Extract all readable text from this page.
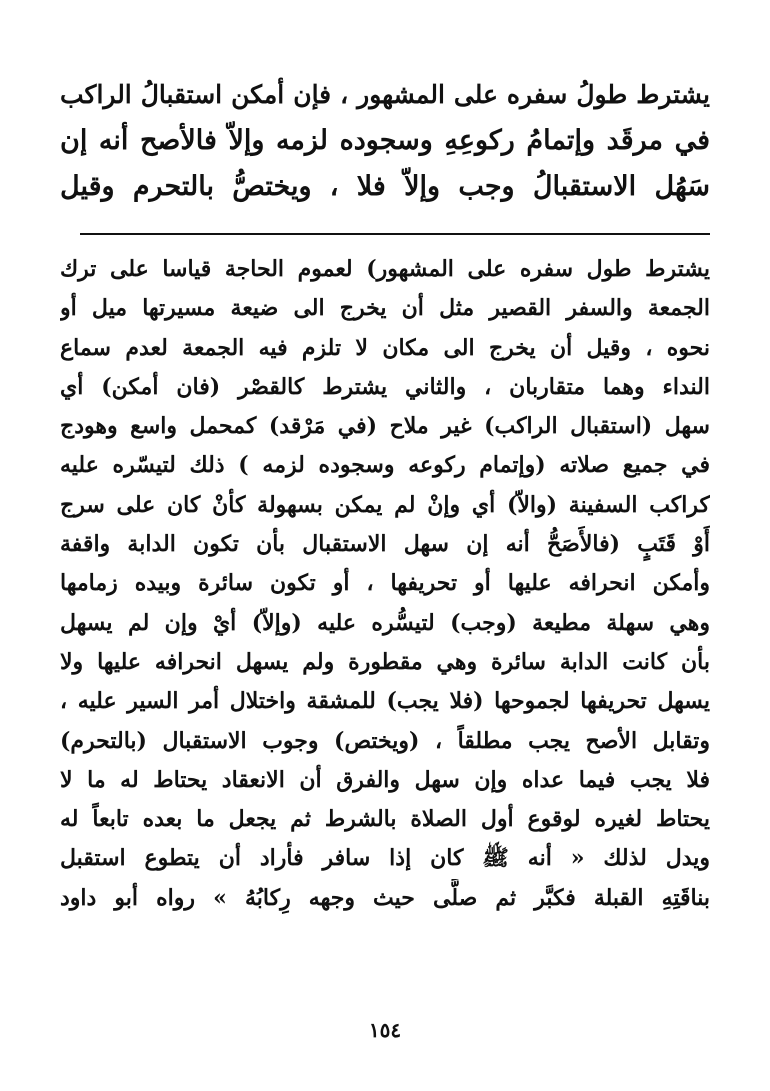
يشترط طولُ سفره على المشهور ، فإن أمكن استقبالُ الراكب
في مرقَد وإتمامُ ركوعِهِ وسجوده لزمه وإلاّ فالأصح أنه إن
سَهُل الاستقبالُ وجب وإلاّ فلا ، ويختصُّ بالتحرم وقيل
يشترط طول سفره على المشهور) لعموم الحاجة قياسا على ترك
الجمعة والسفر القصير مثل أن يخرج الى ضيعة مسيرتها ميل أو
نحوه ، وقيل أن يخرج الى مكان لا تلزم فيه الجمعة لعدم سماع
النداء وهما متقاربان ، والثاني يشترط كالقصْر (فان أمكن) أي
سهل (استقبال الراكب) غير ملاح (في مَرْقد) كمحمل واسع وهودج
في جميع صلاته (وإتمام ركوعه وسجوده لزمه ) ذلك لتيسّره عليه
كراكب السفينة (والاّ) أي وإنْ لم يمكن بسهولة كأنْ كان على سرج
أَوْ قَتَبٍ (فالأَصَحُّ أنه إن سهل الاستقبال بأن تكون الدابة واقفة
وأمكن انحرافه عليها أو تحريفها ، أو تكون سائرة وبيده زمامها
وهي سهلة مطيعة (وجب) لتيسُّره عليه (وإلاّ) أيْ وإن لم يسهل
بأن كانت الدابة سائرة وهي مقطورة ولم يسهل انحرافه عليها ولا
يسهل تحريفها لجموحها (فلا يجب) للمشقة واختلال أمر السير عليه ،
وتقابل الأصح يجب مطلقاً ، (ويختص) وجوب الاستقبال (بالتحرم)
فلا يجب فيما عداه وإن سهل والفرق أن الانعقاد يحتاط له ما لا
يحتاط لغيره لوقوع أول الصلاة بالشرط ثم يجعل ما بعده تابعاً له
ويدل لذلك « أنه ﷺ كان إذا سافر فأراد أن يتطوع استقبل
بناقَتِهِ القبلة فكبَّر ثم صلَّى حيث وجهه رِكابُهُ » رواه أبو داود
١٥٤
